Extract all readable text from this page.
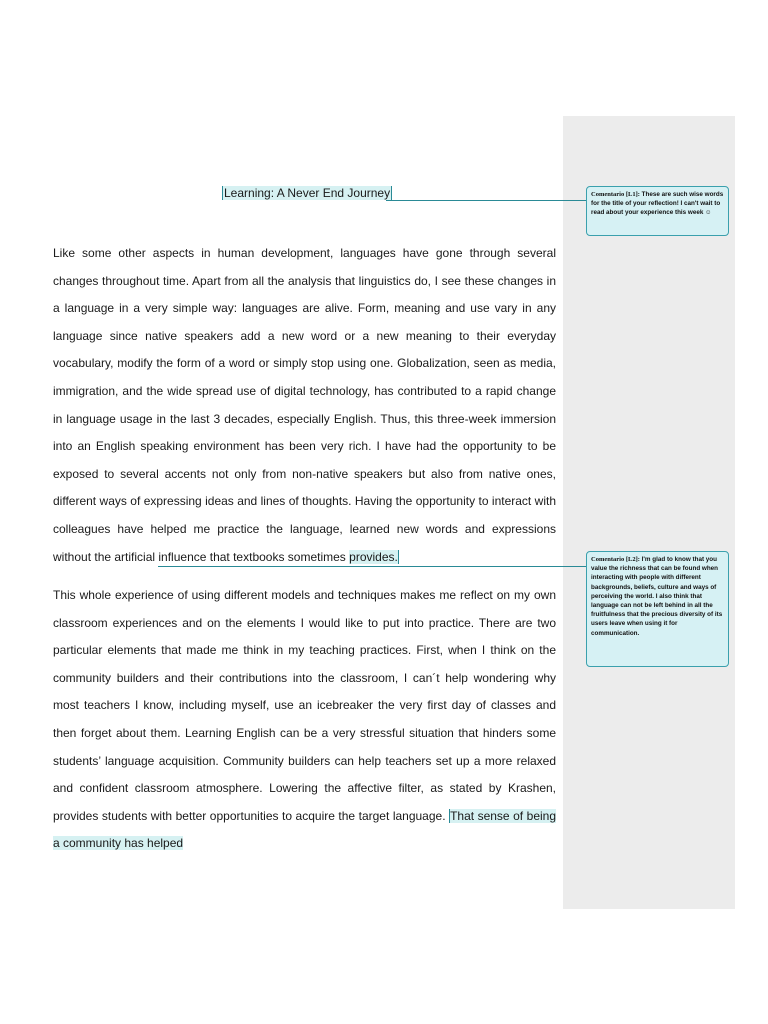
Learning: A Never End Journey

Like some other aspects in human development, languages have gone through several changes throughout time. Apart from all the analysis that linguistics do, I see these changes in a language in a very simple way: languages are alive. Form, meaning and use vary in any language since native speakers add a new word or a new meaning to their everyday vocabulary, modify the form of a word or simply stop using one. Globalization, seen as media, immigration, and the wide spread use of digital technology, has contributed to a rapid change in language usage in the last 3 decades, especially English. Thus, this three-week immersion into an English speaking environment has been very rich. I have had the opportunity to be exposed to several accents not only from non-native speakers but also from native ones, different ways of expressing ideas and lines of thoughts. Having the opportunity to interact with colleagues have helped me practice the language, learned new words and expressions without the artificial influence that textbooks sometimes provides.

This whole experience of using different models and techniques makes me reflect on my own classroom experiences and on the elements I would like to put into practice. There are two particular elements that made me think in my teaching practices. First, when I think on the community builders and their contributions into the classroom, I can´t help wondering why most teachers I know, including myself, use an icebreaker the very first day of classes and then forget about them. Learning English can be a very stressful situation that hinders some students’ language acquisition. Community builders can help teachers set up a more relaxed and confident classroom atmosphere. Lowering the affective filter, as stated by Krashen, provides students with better opportunities to acquire the target language. That sense of being a community has helped

Comentario [L1]: These are such wise words for the title of your reflection! I can't wait to read about your experience this week ☺
Comentario [L2]: I'm glad to know that you value the richness that can be found when interacting with people with different backgrounds, beliefs, culture and ways of perceiving the world. I also think that language can not be left behind in all the fruitfulness that the precious diversity of its users leave when using it for communication.
